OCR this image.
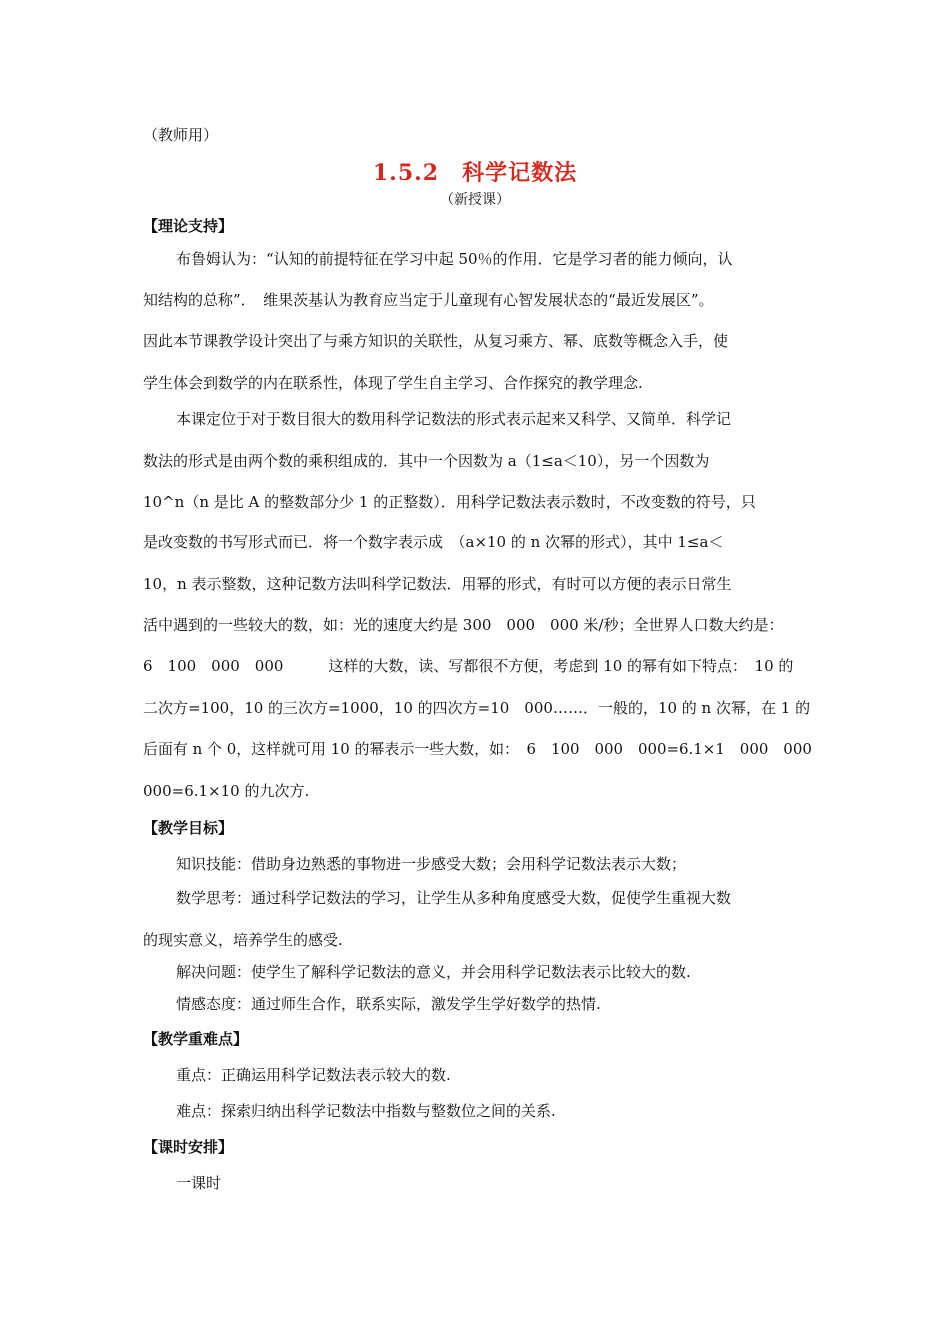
（教师用）
1.5.2　科学记数法
（新授课）
【理论支持】
布鲁姆认为：“认知的前提特征在学习中起 50％的作用．它是学习者的能力倾向，认
知结构的总称”．　维果茨基认为教育应当定于儿童现有心智发展状态的“最近发展区”。
因此本节课教学设计突出了与乘方知识的关联性，从复习乘方、幂、底数等概念入手，使
学生体会到数学的内在联系性，体现了学生自主学习、合作探究的教学理念.
本课定位于对于数目很大的数用科学记数法的形式表示起来又科学、又简单．科学记
数法的形式是由两个数的乘积组成的．其中一个因数为 a（1≤a＜10），另一个因数为
10^n（n 是比 A 的整数部分少 1 的正整数）．用科学记数法表示数时，不改变数的符号，只
是改变数的书写形式而已．将一个数字表示成　（a×10 的 n 次幂的形式），其中 1≤a＜
10，n 表示整数，这种记数方法叫科学记数法．用幂的形式，有时可以方便的表示日常生
活中遇到的一些较大的数，如：光的速度大约是 300　000　000 米/秒；全世界人口数大约是：
6　100　000　000　　　这样的大数，读、写都很不方便，考虑到 10 的幂有如下特点：　10 的
二次方=100，10 的三次方=1000，10 的四次方=10　000……．一般的，10 的 n 次幂，在 1 的
后面有 n 个 0，这样就可用 10 的幂表示一些大数，如：　6　100　000　000=6.1×1　000　000
000=6.1×10 的九次方.
【教学目标】
知识技能：借助身边熟悉的事物进一步感受大数；会用科学记数法表示大数；
数学思考：通过科学记数法的学习，让学生从多种角度感受大数，促使学生重视大数
的现实意义，培养学生的感受.
解决问题：使学生了解科学记数法的意义，并会用科学记数法表示比较大的数.
情感态度：通过师生合作，联系实际，激发学生学好数学的热情.
【教学重难点】
重点：正确运用科学记数法表示较大的数.
难点：探索归纳出科学记数法中指数与整数位之间的关系.
【课时安排】
一课时
